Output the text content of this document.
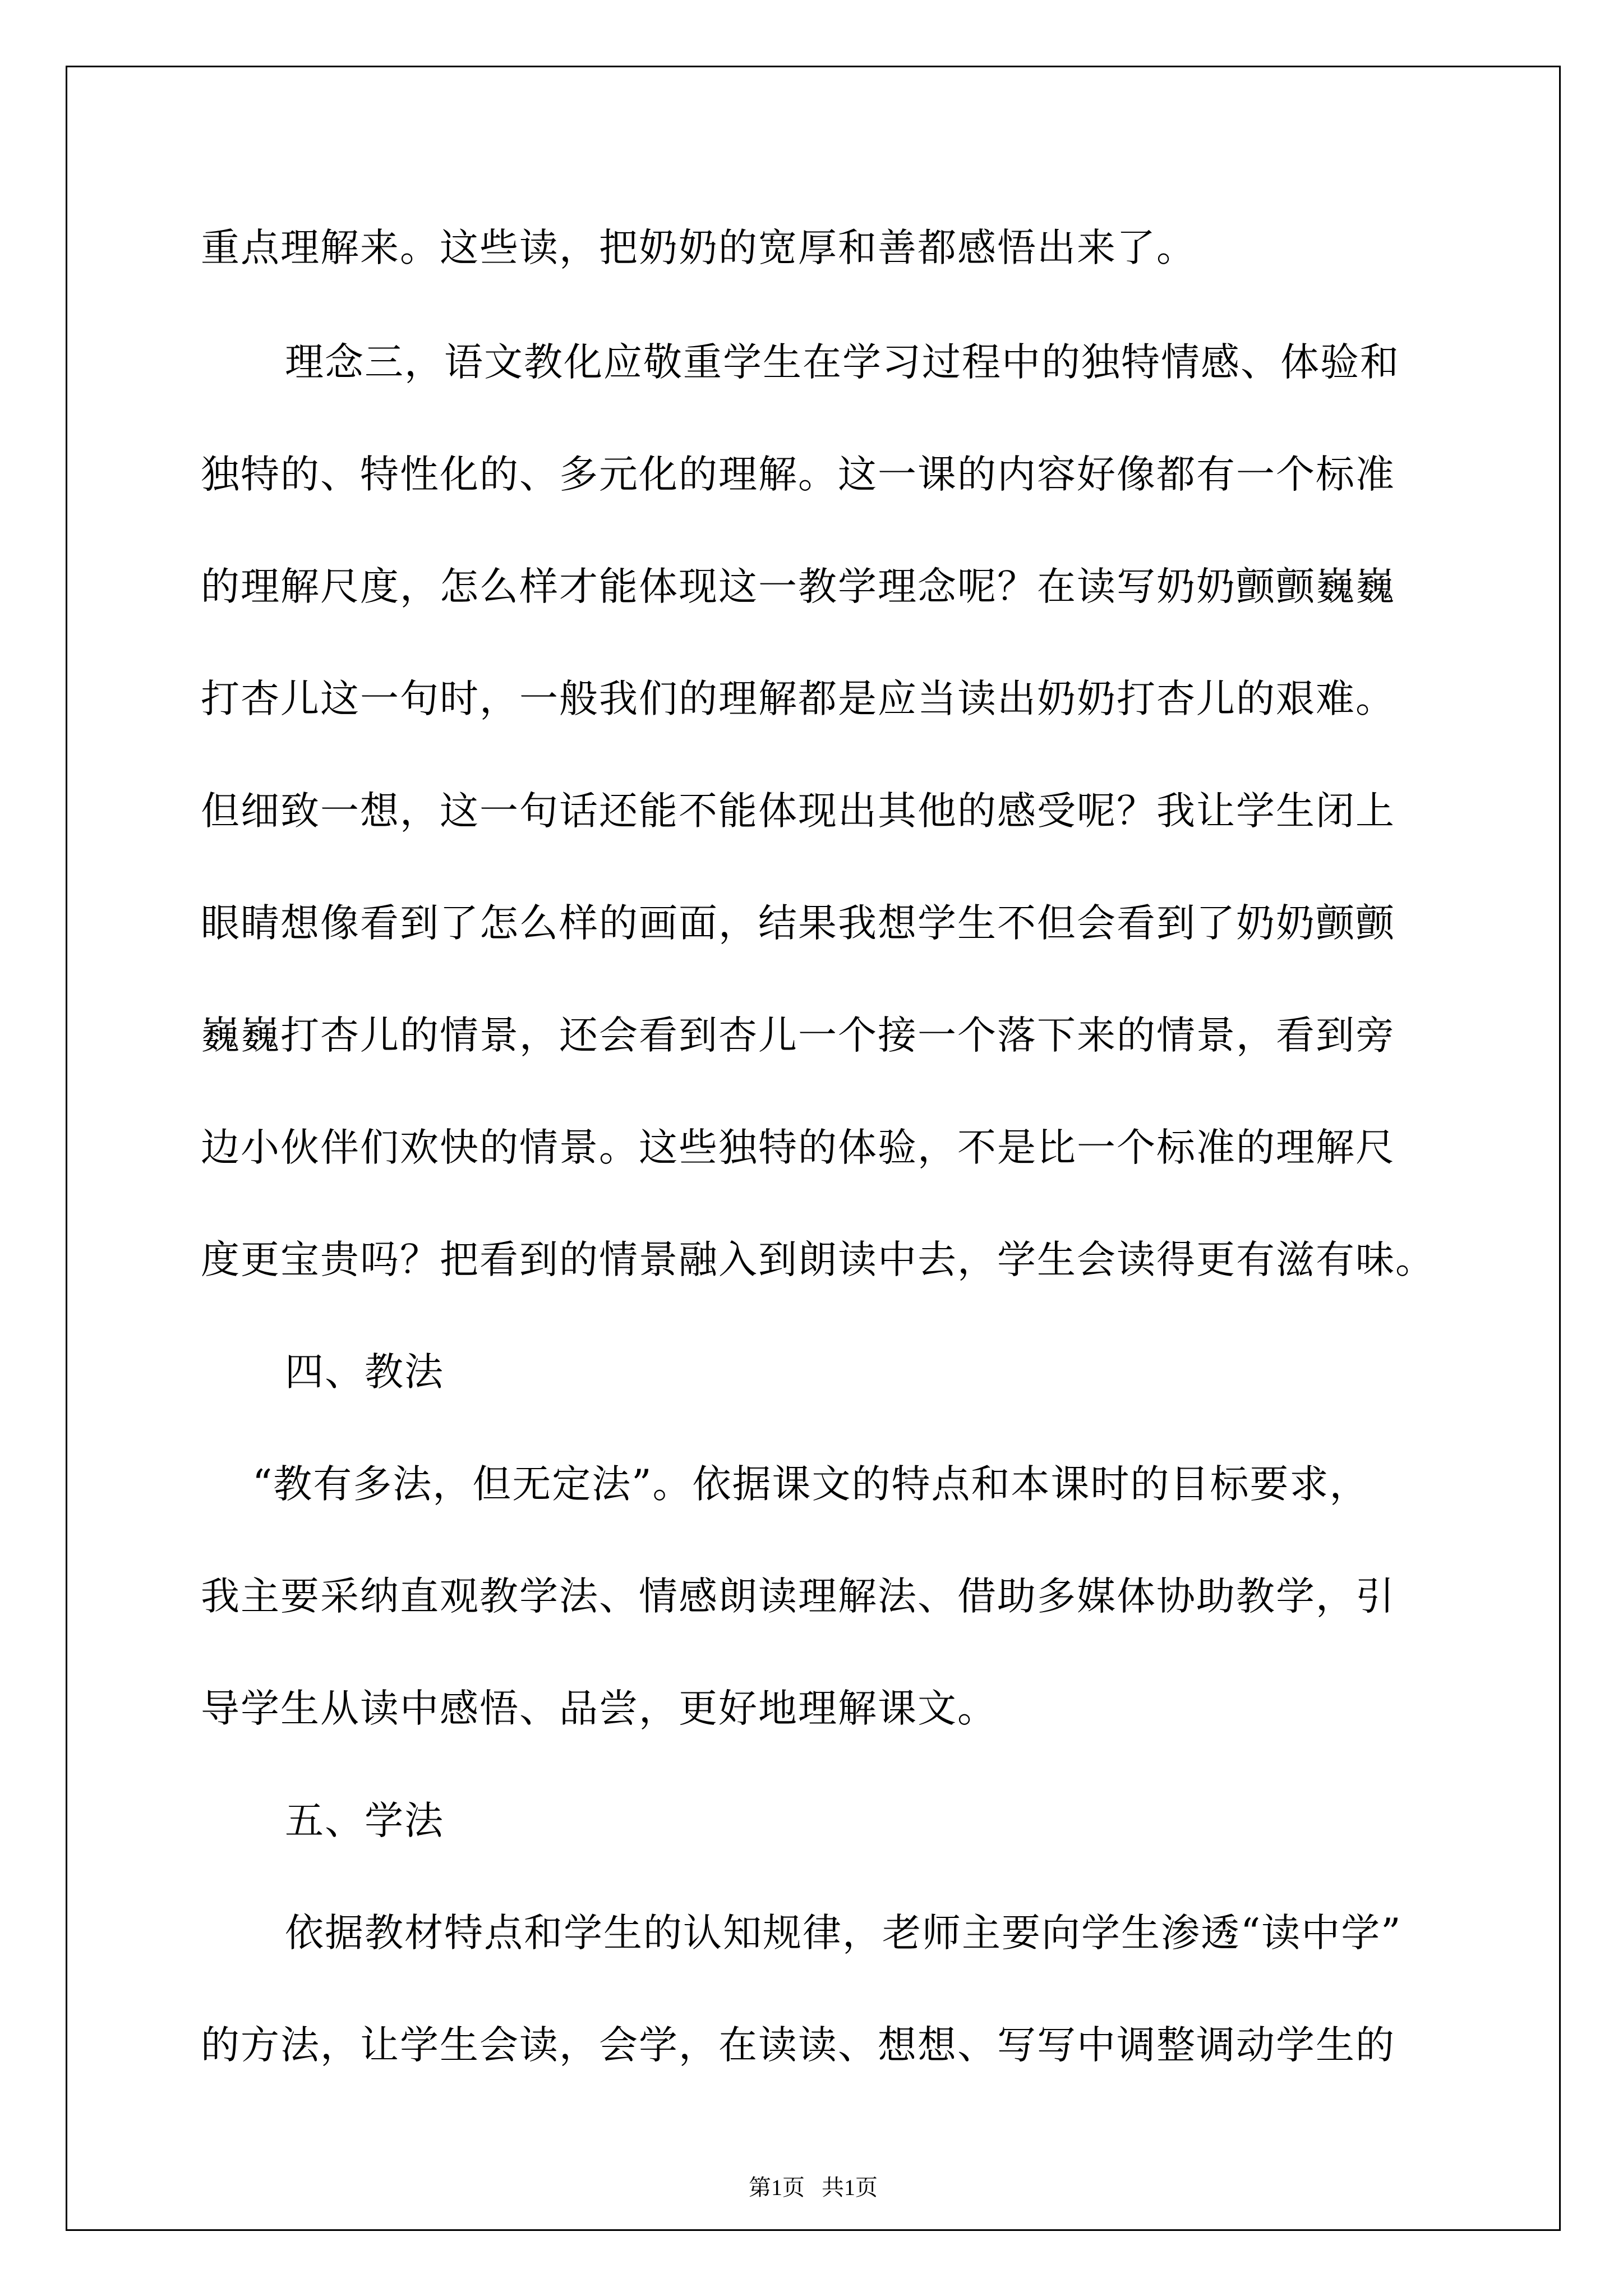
重点理解来。这些读，把奶奶的宽厚和善都感悟出来了。
理念三，语文教化应敬重学生在学习过程中的独特情感、体验和
独特的、特性化的、多元化的理解。这一课的内容好像都有一个标准
的理解尺度，怎么样才能体现这一教学理念呢？在读写奶奶颤颤巍巍
打杏儿这一句时，一般我们的理解都是应当读出奶奶打杏儿的艰难。
但细致一想，这一句话还能不能体现出其他的感受呢？我让学生闭上
眼睛想像看到了怎么样的画面，结果我想学生不但会看到了奶奶颤颤
巍巍打杏儿的情景，还会看到杏儿一个接一个落下来的情景，看到旁
边小伙伴们欢快的情景。这些独特的体验，不是比一个标准的理解尺
度更宝贵吗？把看到的情景融入到朗读中去，学生会读得更有滋有味。
四、教法
“教有多法，但无定法”。依据课文的特点和本课时的目标要求，
我主要采纳直观教学法、情感朗读理解法、借助多媒体协助教学，引
导学生从读中感悟、品尝，更好地理解课文。
五、学法
依据教材特点和学生的认知规律，老师主要向学生渗透“读中学”
的方法，让学生会读，会学，在读读、想想、写写中调整调动学生的
第1页   共1页
